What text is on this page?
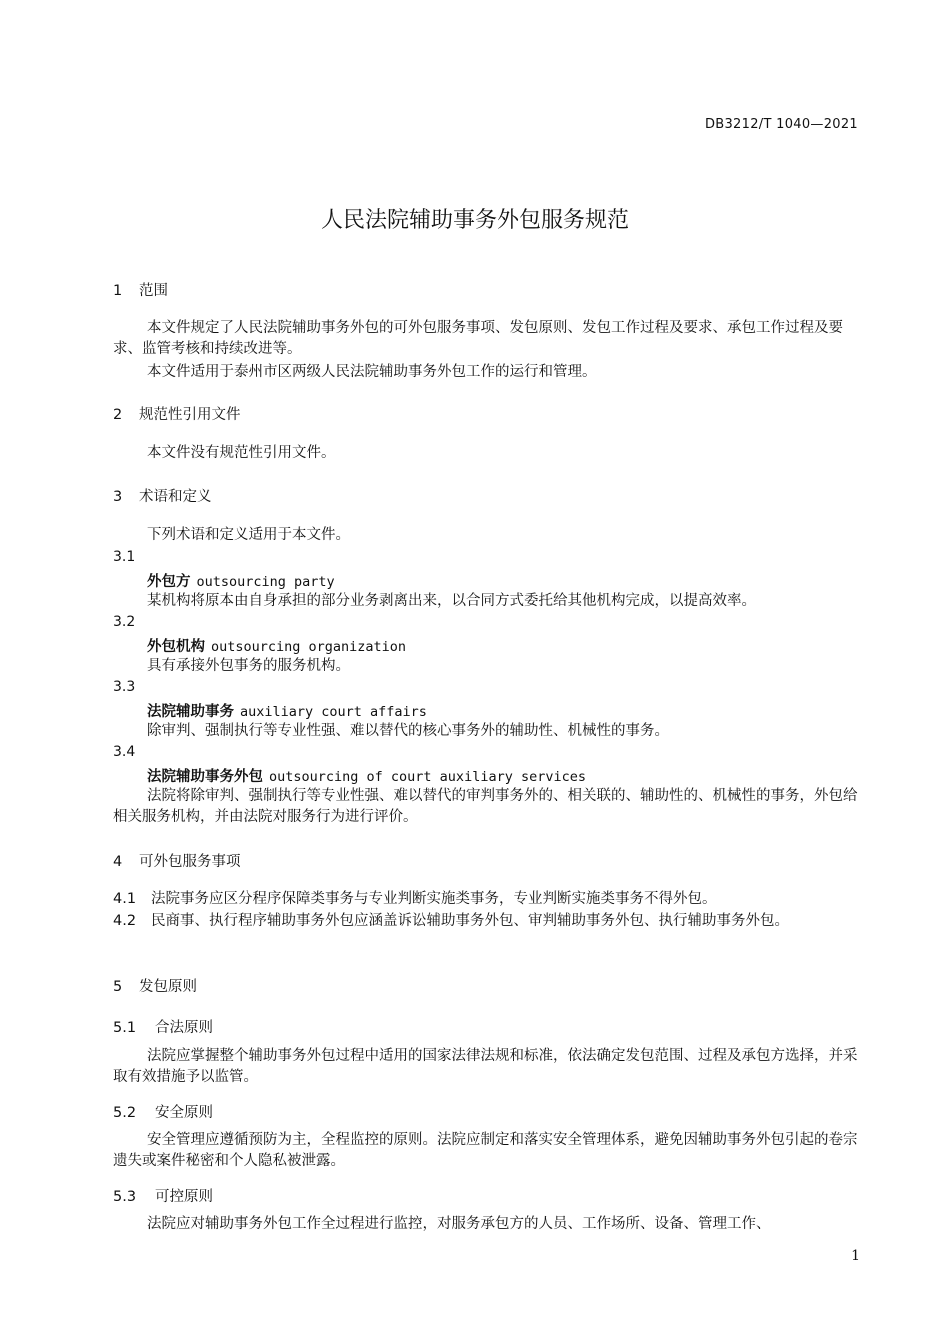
DB3212/T 1040—2021
人民法院辅助事务外包服务规范
1 范围
本文件规定了人民法院辅助事务外包的可外包服务事项、发包原则、发包工作过程及要求、承包工作过程及要求、监管考核和持续改进等。
本文件适用于泰州市区两级人民法院辅助事务外包工作的运行和管理。
2 规范性引用文件
本文件没有规范性引用文件。
3 术语和定义
下列术语和定义适用于本文件。
3.1
外包方 outsourcing party
某机构将原本由自身承担的部分业务剥离出来，以合同方式委托给其他机构完成，以提高效率。
3.2
外包机构 outsourcing organization
具有承接外包事务的服务机构。
3.3
法院辅助事务 auxiliary court affairs
除审判、强制执行等专业性强、难以替代的核心事务外的辅助性、机械性的事务。
3.4
法院辅助事务外包 outsourcing of court auxiliary services
法院将除审判、强制执行等专业性强、难以替代的审判事务外的、相关联的、辅助性的、机械性的事务，外包给相关服务机构，并由法院对服务行为进行评价。
4 可外包服务事项
4.1 法院事务应区分程序保障类事务与专业判断实施类事务，专业判断实施类事务不得外包。
4.2 民商事、执行程序辅助事务外包应涵盖诉讼辅助事务外包、审判辅助事务外包、执行辅助事务外包。
5 发包原则
5.1 合法原则
法院应掌握整个辅助事务外包过程中适用的国家法律法规和标准，依法确定发包范围、过程及承包方选择，并采取有效措施予以监管。
5.2 安全原则
安全管理应遵循预防为主，全程监控的原则。法院应制定和落实安全管理体系，避免因辅助事务外包引起的卷宗遗失或案件秘密和个人隐私被泄露。
5.3 可控原则
法院应对辅助事务外包工作全过程进行监控，对服务承包方的人员、工作场所、设备、管理工作、
1
